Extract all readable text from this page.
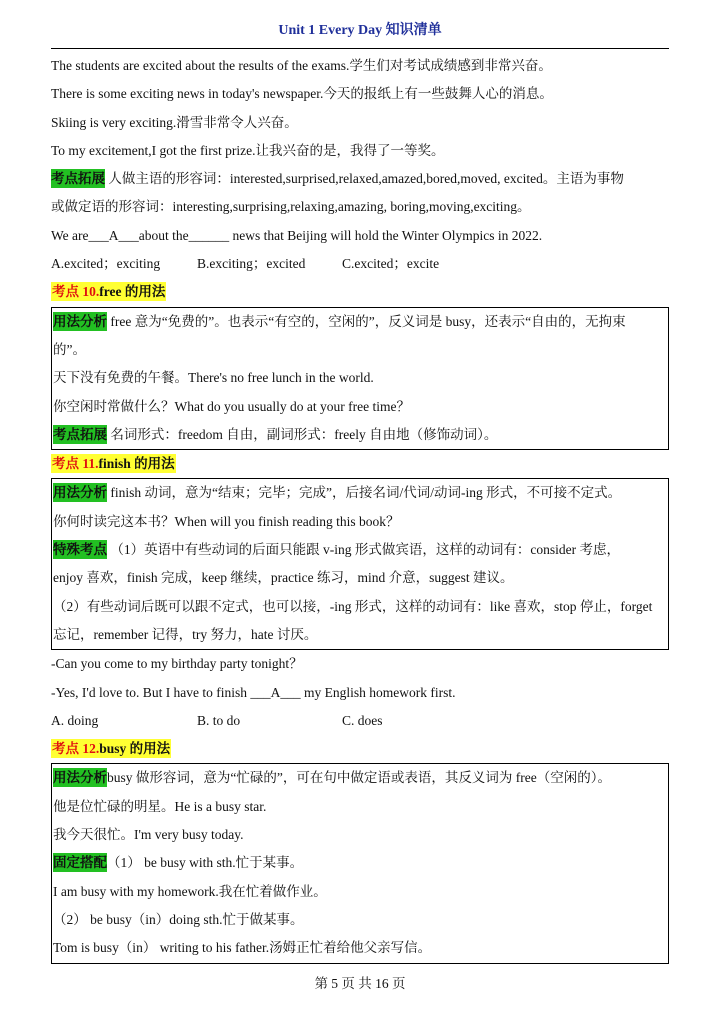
Unit 1 Every Day 知识清单
The students are excited about the results of the exams.学生们对考试成绩感到非常兴奋。
There is some exciting news in today's newspaper.今天的报纸上有一些鼓舞人心的消息。
Skiing is very exciting.滑雪非常令人兴奋。
To my excitement,I got the first prize.让我兴奋的是，我得了一等奖。
考点拓展 人做主语的形容词：interested,surprised,relaxed,amazed,bored,moved, excited。主语为事物
或做定语的形容词：interesting,surprising,relaxing,amazing, boring,moving,exciting。
We are___A___about the______ news that Beijing will hold the Winter Olympics in 2022.
A.excited；exciting	B.exciting；excited	C.excited；excite
考点 10.free 的用法
用法分析 free 意为“免费的”。也表示“有空的，空闲的”，反义词是 busy，还表示“自由的，无拘束
的”。
天下没有免费的午餐。There's no free lunch in the world.
你空闲时常做什么？What do you usually do at your free time？
考点拓展 名词形式：freedom 自由，副词形式：freely 自由地（修饰动词）。
考点 11.finish 的用法
用法分析 finish 动词，意为“结束；完毕；完成”，后接名词/代词/动词-ing 形式，不可接不定式。
你何时读完这本书？When will you finish reading this book？
特殊考点 （1）英语中有些动词的后面只能跟 v-ing 形式做宾语，这样的动词有：consider 考虑，
enjoy 喜欢，finish 完成，keep 继续，practice 练习，mind 介意，suggest 建议。
（2）有些动词后既可以跟不定式，也可以接，-ing 形式，这样的动词有：like 喜欢，stop 停止，forget
忘记，remember 记得，try 努力，hate 讨厌。
-Can you come to my birthday party tonight？
-Yes, I'd love to. But I have to finish ___A___ my English homework first.
A. doing	B. to do	C. does
考点 12.busy 的用法
用法分析busy 做形容词，意为“忙碌的”，可在句中做定语或表语，其反义词为 free（空闲的）。
他是位忙碌的明星。He is a busy star.
我今天很忙。I'm very busy today.
固定搭配（1） be busy with sth.忙于某事。
I am busy with my homework.我在忙着做作业。
（2） be busy（in）doing sth.忙于做某事。
Tom is busy（in） writing to his father.汤姆正忙着给他父亲写信。
第 5 页 共 16 页
